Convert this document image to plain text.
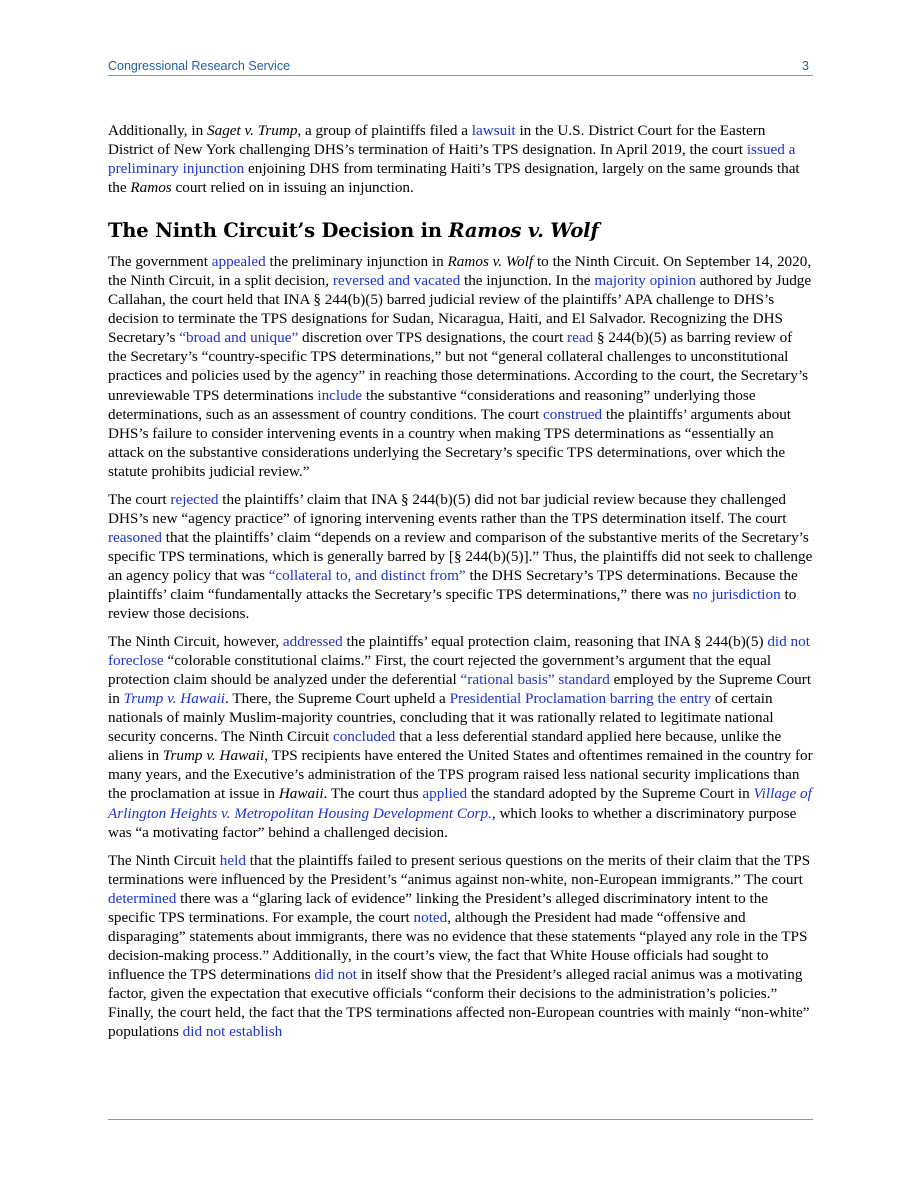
Congressional Research Service	3

Additionally, in Saget v. Trump, a group of plaintiffs filed a lawsuit in the U.S. District Court for the Eastern District of New York challenging DHS’s termination of Haiti’s TPS designation. In April 2019, the court issued a preliminary injunction enjoining DHS from terminating Haiti’s TPS designation, largely on the same grounds that the Ramos court relied on in issuing an injunction.

The Ninth Circuit’s Decision in Ramos v. Wolf

The government appealed the preliminary injunction in Ramos v. Wolf to the Ninth Circuit. On September 14, 2020, the Ninth Circuit, in a split decision, reversed and vacated the injunction. In the majority opinion authored by Judge Callahan, the court held that INA § 244(b)(5) barred judicial review of the plaintiffs’ APA challenge to DHS’s decision to terminate the TPS designations for Sudan, Nicaragua, Haiti, and El Salvador. Recognizing the DHS Secretary’s “broad and unique” discretion over TPS designations, the court read § 244(b)(5) as barring review of the Secretary’s “country-specific TPS determinations,” but not “general collateral challenges to unconstitutional practices and policies used by the agency” in reaching those determinations. According to the court, the Secretary’s unreviewable TPS determinations include the substantive “considerations and reasoning” underlying those determinations, such as an assessment of country conditions. The court construed the plaintiffs’ arguments about DHS’s failure to consider intervening events in a country when making TPS determinations as “essentially an attack on the substantive considerations underlying the Secretary’s specific TPS determinations, over which the statute prohibits judicial review.”

The court rejected the plaintiffs’ claim that INA § 244(b)(5) did not bar judicial review because they challenged DHS’s new “agency practice” of ignoring intervening events rather than the TPS determination itself. The court reasoned that the plaintiffs’ claim “depends on a review and comparison of the substantive merits of the Secretary’s specific TPS terminations, which is generally barred by [§ 244(b)(5)].” Thus, the plaintiffs did not seek to challenge an agency policy that was “collateral to, and distinct from” the DHS Secretary’s TPS determinations. Because the plaintiffs’ claim “fundamentally attacks the Secretary’s specific TPS determinations,” there was no jurisdiction to review those decisions.

The Ninth Circuit, however, addressed the plaintiffs’ equal protection claim, reasoning that INA § 244(b)(5) did not foreclose “colorable constitutional claims.” First, the court rejected the government’s argument that the equal protection claim should be analyzed under the deferential “rational basis” standard employed by the Supreme Court in Trump v. Hawaii. There, the Supreme Court upheld a Presidential Proclamation barring the entry of certain nationals of mainly Muslim-majority countries, concluding that it was rationally related to legitimate national security concerns. The Ninth Circuit concluded that a less deferential standard applied here because, unlike the aliens in Trump v. Hawaii, TPS recipients have entered the United States and oftentimes remained in the country for many years, and the Executive’s administration of the TPS program raised less national security implications than the proclamation at issue in Hawaii. The court thus applied the standard adopted by the Supreme Court in Village of Arlington Heights v. Metropolitan Housing Development Corp., which looks to whether a discriminatory purpose was “a motivating factor” behind a challenged decision.

The Ninth Circuit held that the plaintiffs failed to present serious questions on the merits of their claim that the TPS terminations were influenced by the President’s “animus against non-white, non-European immigrants.” The court determined there was a “glaring lack of evidence” linking the President’s alleged discriminatory intent to the specific TPS terminations. For example, the court noted, although the President had made “offensive and disparaging” statements about immigrants, there was no evidence that these statements “played any role in the TPS decision-making process.” Additionally, in the court’s view, the fact that White House officials had sought to influence the TPS determinations did not in itself show that the President’s alleged racial animus was a motivating factor, given the expectation that executive officials “conform their decisions to the administration’s policies.” Finally, the court held, the fact that the TPS terminations affected non-European countries with mainly “non-white” populations did not establish
